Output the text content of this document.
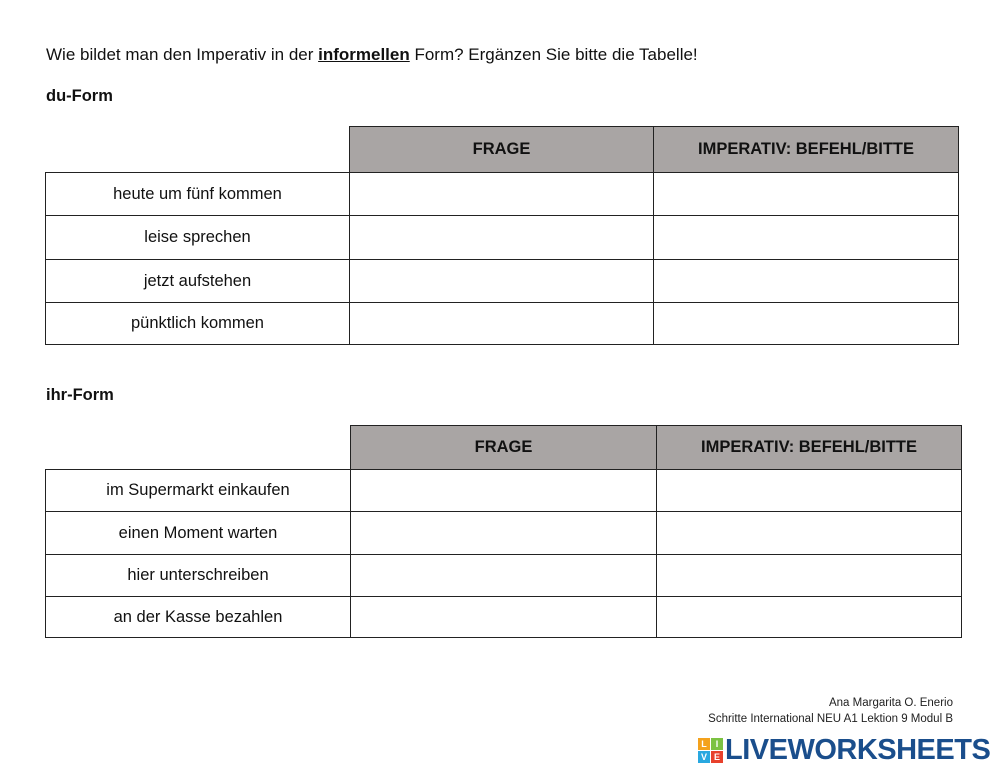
Wie bildet man den Imperativ in der informellen Form? Ergänzen Sie bitte die Tabelle!
du-Form
	FRAGE	IMPERATIV: BEFEHL/BITTE
heute um fünf kommen		
leise sprechen		
jetzt aufstehen		
pünktlich kommen		
ihr-Form
	FRAGE	IMPERATIV: BEFEHL/BITTE
im Supermarkt einkaufen		
einen Moment warten		
hier unterschreiben		
an der Kasse bezahlen		
Ana Margarita O. Enerio
Schritte International NEU A1 Lektion 9 Modul B
L I
V E LIVEWORKSHEETS
